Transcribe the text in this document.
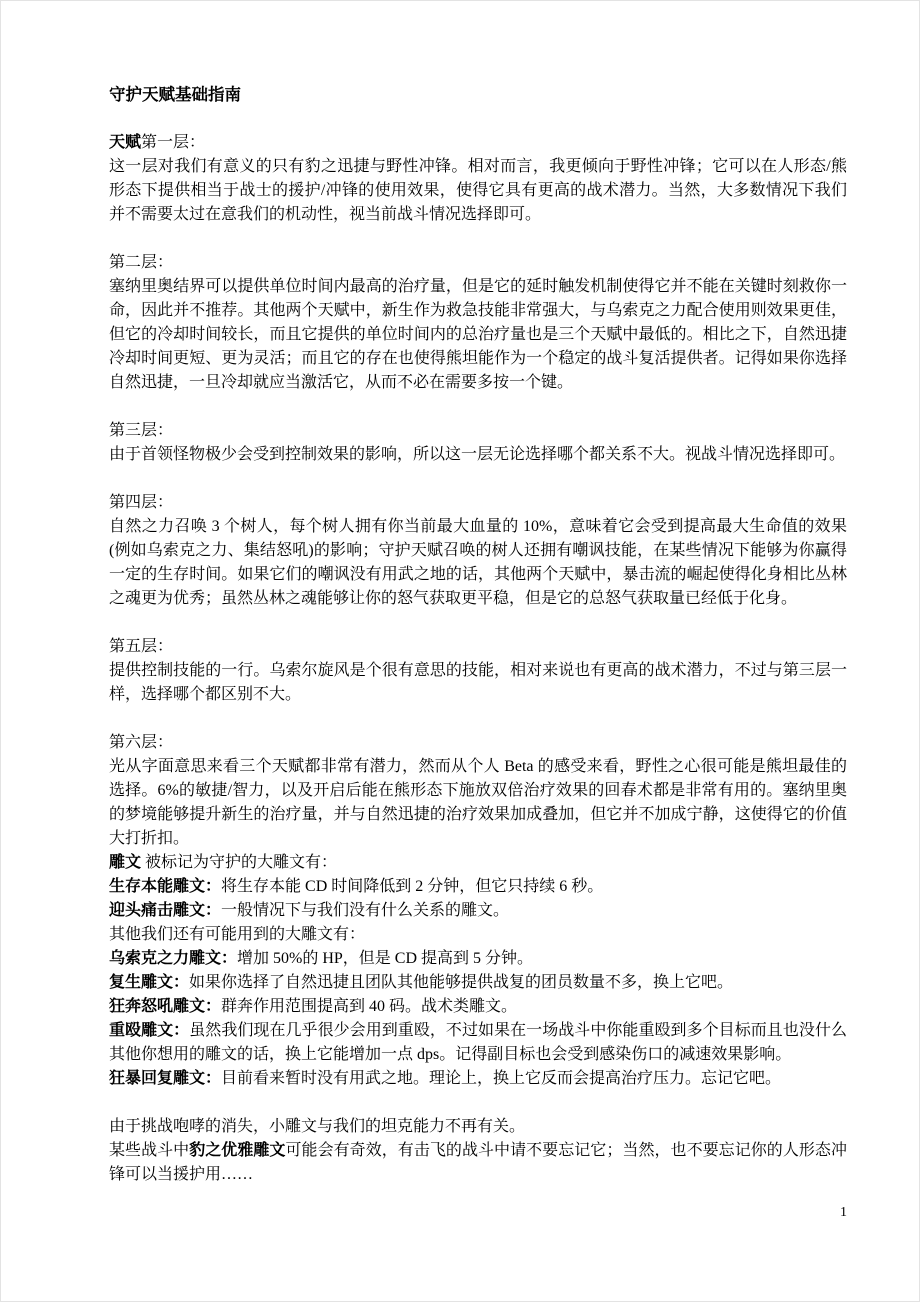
守护天赋基础指南

天赋第一层：

这一层对我们有意义的只有豹之迅捷与野性冲锋。相对而言，我更倾向于野性冲锋；它可以在人形态/熊形态下提供相当于战士的援护/冲锋的使用效果，使得它具有更高的战术潜力。当然，大多数情况下我们并不需要太过在意我们的机动性，视当前战斗情况选择即可。

第二层：

塞纳里奥结界可以提供单位时间内最高的治疗量，但是它的延时触发机制使得它并不能在关键时刻救你一命，因此并不推荐。其他两个天赋中，新生作为救急技能非常强大，与乌索克之力配合使用则效果更佳，但它的冷却时间较长，而且它提供的单位时间内的总治疗量也是三个天赋中最低的。相比之下，自然迅捷冷却时间更短、更为灵活；而且它的存在也使得熊坦能作为一个稳定的战斗复活提供者。记得如果你选择自然迅捷，一旦冷却就应当激活它，从而不必在需要多按一个键。

第三层：

由于首领怪物极少会受到控制效果的影响，所以这一层无论选择哪个都关系不大。视战斗情况选择即可。

第四层：

自然之力召唤 3 个树人，每个树人拥有你当前最大血量的 10%，意味着它会受到提高最大生命值的效果(例如乌索克之力、集结怒吼)的影响；守护天赋召唤的树人还拥有嘲讽技能，在某些情况下能够为你赢得一定的生存时间。如果它们的嘲讽没有用武之地的话，其他两个天赋中，暴击流的崛起使得化身相比丛林之魂更为优秀；虽然丛林之魂能够让你的怒气获取更平稳，但是它的总怒气获取量已经低于化身。

第五层：

提供控制技能的一行。乌索尔旋风是个很有意思的技能，相对来说也有更高的战术潜力，不过与第三层一样，选择哪个都区别不大。

第六层：

光从字面意思来看三个天赋都非常有潜力，然而从个人 Beta 的感受来看，野性之心很可能是熊坦最佳的选择。6%的敏捷/智力，以及开启后能在熊形态下施放双倍治疗效果的回春术都是非常有用的。塞纳里奥的梦境能够提升新生的治疗量，并与自然迅捷的治疗效果加成叠加，但它并不加成宁静，这使得它的价值大打折扣。

雕文 被标记为守护的大雕文有：

生存本能雕文：将生存本能 CD 时间降低到 2 分钟，但它只持续 6 秒。

迎头痛击雕文：一般情况下与我们没有什么关系的雕文。

其他我们还有可能用到的大雕文有：

乌索克之力雕文：增加 50%的 HP，但是 CD 提高到 5 分钟。

复生雕文：如果你选择了自然迅捷且团队其他能够提供战复的团员数量不多，换上它吧。

狂奔怒吼雕文：群奔作用范围提高到 40 码。战术类雕文。

重殴雕文：虽然我们现在几乎很少会用到重殴，不过如果在一场战斗中你能重殴到多个目标而且也没什么其他你想用的雕文的话，换上它能增加一点 dps。记得副目标也会受到感染伤口的减速效果影响。

狂暴回复雕文：目前看来暂时没有用武之地。理论上，换上它反而会提高治疗压力。忘记它吧。

由于挑战咆哮的消失，小雕文与我们的坦克能力不再有关。

某些战斗中豹之优雅雕文可能会有奇效，有击飞的战斗中请不要忘记它；当然，也不要忘记你的人形态冲锋可以当援护用……

1
